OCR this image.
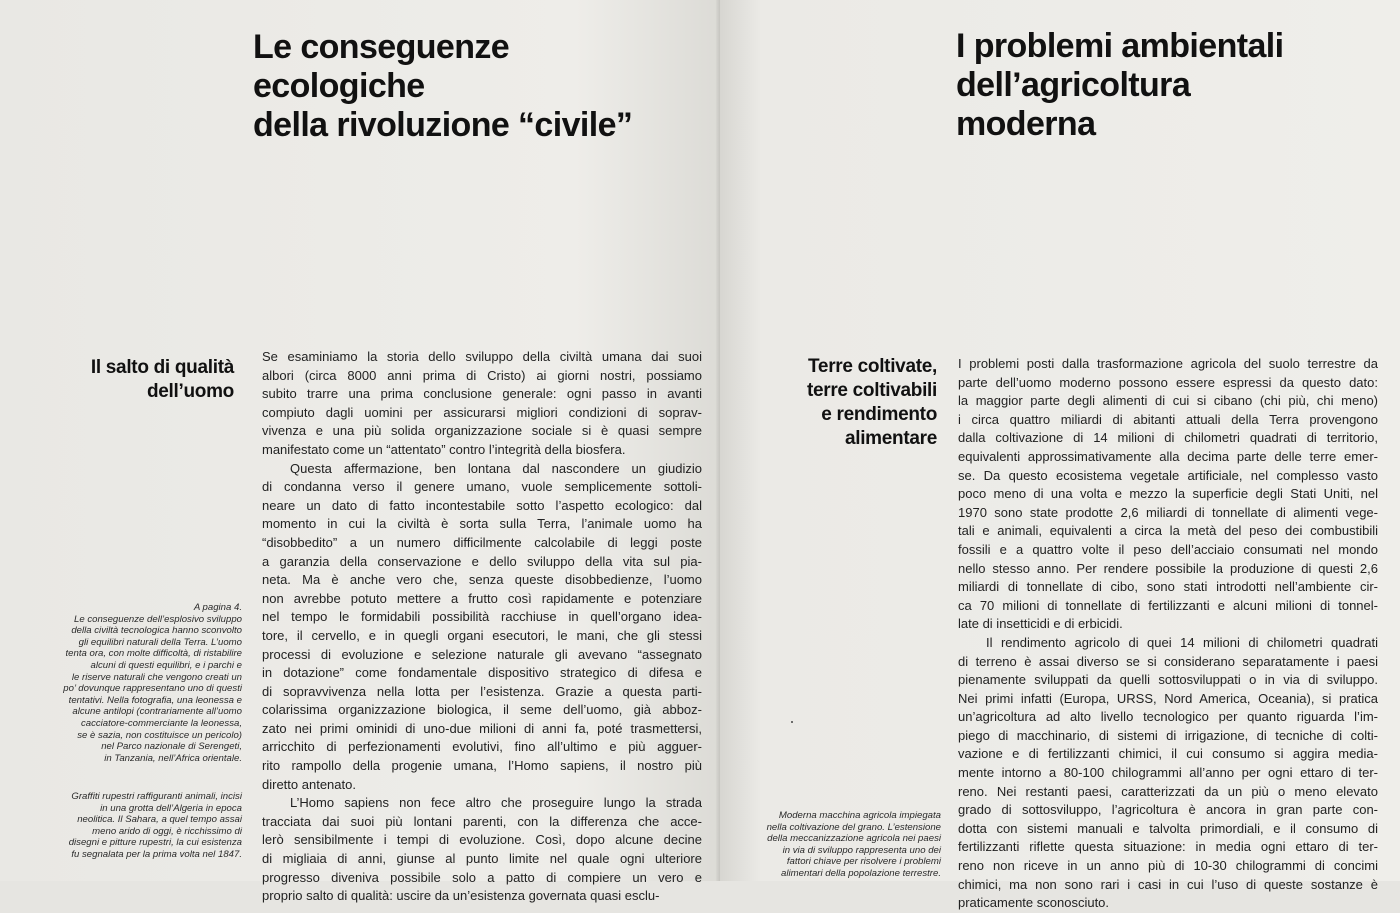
Le conseguenze
ecologiche
della rivoluzione “civile”
Il salto di qualità
dell’uomo
A pagina 4.
Le conseguenze dell’esplosivo sviluppo
della civiltà tecnologica hanno sconvolto
gli equilibri naturali della Terra. L’uomo
tenta ora, con molte difficoltà, di ristabilire
alcuni di questi equilibri, e i parchi e
le riserve naturali che vengono creati un
po’ dovunque rappresentano uno di questi
tentativi. Nella fotografia, una leonessa e
alcune antilopi (contrariamente all’uomo
cacciatore-commerciante la leonessa,
se è sazia, non costituisce un pericolo)
nel Parco nazionale di Serengeti,
in Tanzania, nell’Africa orientale.
Graffiti rupestri raffiguranti animali, incisi
in una grotta dell’Algeria in epoca
neolitica. Il Sahara, a quel tempo assai
meno arido di oggi, è ricchissimo di
disegni e pitture rupestri, la cui esistenza
fu segnalata per la prima volta nel 1847.
Se esaminiamo la storia dello sviluppo della civiltà umana dai suoi
albori (circa 8000 anni prima di Cristo) ai giorni nostri, possiamo
subito trarre una prima conclusione generale: ogni passo in avanti
compiuto dagli uomini per assicurarsi migliori condizioni di soprav-
vivenza e una più solida organizzazione sociale si è quasi sempre
manifestato come un “attentato” contro l’integrità della biosfera.
Questa affermazione, ben lontana dal nascondere un giudizio
di condanna verso il genere umano, vuole semplicemente sottoli-
neare un dato di fatto incontestabile sotto l’aspetto ecologico: dal
momento in cui la civiltà è sorta sulla Terra, l’animale uomo ha
“disobbedito” a un numero difficilmente calcolabile di leggi poste
a garanzia della conservazione e dello sviluppo della vita sul pia-
neta. Ma è anche vero che, senza queste disobbedienze, l’uomo
non avrebbe potuto mettere a frutto così rapidamente e potenziare
nel tempo le formidabili possibilità racchiuse in quell’organo idea-
tore, il cervello, e in quegli organi esecutori, le mani, che gli stessi
processi di evoluzione e selezione naturale gli avevano “assegnato
in dotazione” come fondamentale dispositivo strategico di difesa e
di sopravvivenza nella lotta per l’esistenza. Grazie a questa parti-
colarissima organizzazione biologica, il seme dell’uomo, già abboz-
zato nei primi ominidi di uno-due milioni di anni fa, poté trasmettersi,
arricchito di perfezionamenti evolutivi, fino all’ultimo e più agguer-
rito rampollo della progenie umana, l’Homo sapiens, il nostro più
diretto antenato.
L’Homo sapiens non fece altro che proseguire lungo la strada
tracciata dai suoi più lontani parenti, con la differenza che acce-
lerò sensibilmente i tempi di evoluzione. Così, dopo alcune decine
di migliaia di anni, giunse al punto limite nel quale ogni ulteriore
progresso diveniva possibile solo a patto di compiere un vero e
proprio salto di qualità: uscire da un’esistenza governata quasi esclu-
I problemi ambientali
dell’agricoltura
moderna
Terre coltivate,
terre coltivabili
e rendimento
alimentare
Moderna macchina agricola impiegata
nella coltivazione del grano. L’estensione
della meccanizzazione agricola nei paesi
in via di sviluppo rappresenta uno dei
fattori chiave per risolvere i problemi
alimentari della popolazione terrestre.
I problemi posti dalla trasformazione agricola del suolo terrestre da
parte dell’uomo moderno possono essere espressi da questo dato:
la maggior parte degli alimenti di cui si cibano (chi più, chi meno)
i circa quattro miliardi di abitanti attuali della Terra provengono
dalla coltivazione di 14 milioni di chilometri quadrati di territorio,
equivalenti approssimativamente alla decima parte delle terre emer-
se. Da questo ecosistema vegetale artificiale, nel complesso vasto
poco meno di una volta e mezzo la superficie degli Stati Uniti, nel
1970 sono state prodotte 2,6 miliardi di tonnellate di alimenti vege-
tali e animali, equivalenti a circa la metà del peso dei combustibili
fossili e a quattro volte il peso dell’acciaio consumati nel mondo
nello stesso anno. Per rendere possibile la produzione di questi 2,6
miliardi di tonnellate di cibo, sono stati introdotti nell’ambiente cir-
ca 70 milioni di tonnellate di fertilizzanti e alcuni milioni di tonnel-
late di insetticidi e di erbicidi.
Il rendimento agricolo di quei 14 milioni di chilometri quadrati
di terreno è assai diverso se si considerano separatamente i paesi
pienamente sviluppati da quelli sottosviluppati o in via di sviluppo.
Nei primi infatti (Europa, URSS, Nord America, Oceania), si pratica
un’agricoltura ad alto livello tecnologico per quanto riguarda l’im-
piego di macchinario, di sistemi di irrigazione, di tecniche di colti-
vazione e di fertilizzanti chimici, il cui consumo si aggira media-
mente intorno a 80-100 chilogrammi all’anno per ogni ettaro di ter-
reno. Nei restanti paesi, caratterizzati da un più o meno elevato
grado di sottosviluppo, l’agricoltura è ancora in gran parte con-
dotta con sistemi manuali e talvolta primordiali, e il consumo di
fertilizzanti riflette questa situazione: in media ogni ettaro di ter-
reno non riceve in un anno più di 10-30 chilogrammi di concimi
chimici, ma non sono rari i casi in cui l’uso di queste sostanze è
praticamente sconosciuto.
